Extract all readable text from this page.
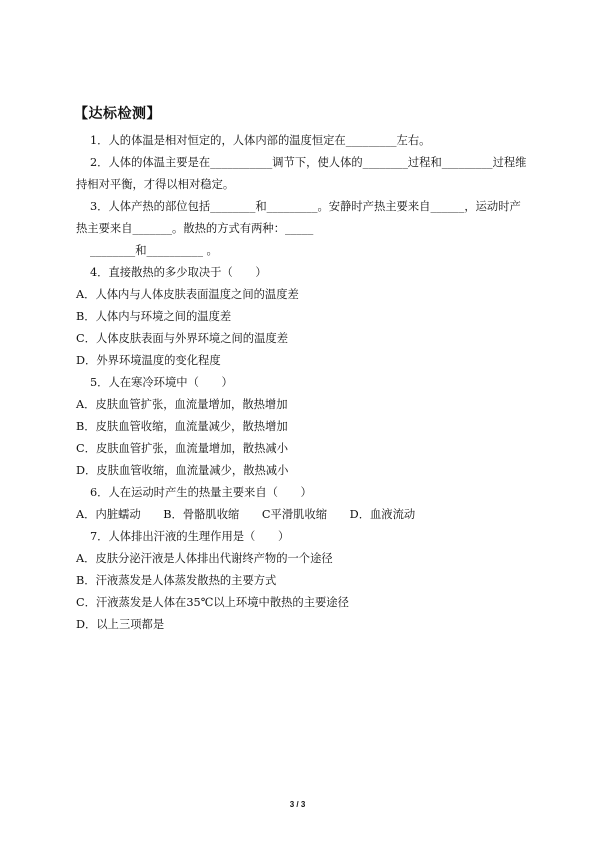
【达标检测】
1．人的体温是相对恒定的，人体内部的温度恒定在_________左右。
2．人体的体温主要是在___________调节下，使人体的________过程和_________过程维
持相对平衡，才得以相对稳定。
3．人体产热的部位包括________和_________。安静时产热主要来自______，运动时产
热主要来自_______。散热的方式有两种：_____
________和__________ 。
4．直接散热的多少取决于（　　）
A．人体内与人体皮肤表面温度之间的温度差
B．人体内与环境之间的温度差
C．人体皮肤表面与外界环境之间的温度差
D．外界环境温度的变化程度
5．人在寒冷环境中（　　）
A．皮肤血管扩张，血流量增加，散热增加
B．皮肤血管收缩，血流量减少，散热增加
C．皮肤血管扩张，血流量增加，散热减小
D．皮肤血管收缩，血流量减少，散热减小
6．人在运动时产生的热量主要来自（　　）
A．内脏蠕动　　B．骨骼肌收缩　　C平滑肌收缩　　D．血液流动
7．人体排出汗液的生理作用是（　　）
A．皮肤分泌汗液是人体排出代谢终产物的一个途径
B．汗液蒸发是人体蒸发散热的主要方式
C．汗液蒸发是人体在35℃以上环境中散热的主要途径
D．以上三项都是
3 / 3
